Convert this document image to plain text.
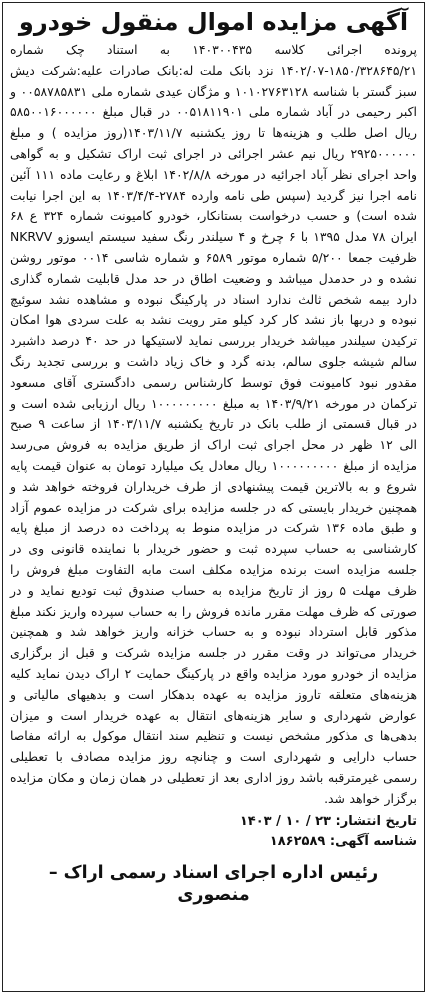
آگهی مزایده اموال منقول خودرو

پرونده اجرائی کلاسه ۱۴۰۳۰۰۴۳۵ به استناد چک شماره ۱۸۵۰/۳۲۸۶۴۵/۲۱-۱۴۰۲/۰۷ نزد بانک ملت له:بانک صادرات علیه:شرکت دیش سبز گستر با شناسه ۱۰۱۰۲۷۶۳۱۲۸ و مژگان عیدی شماره ملی ۰۰۵۸۷۸۵۸۳۱ و اکبر رحیمی در آباد شماره ملی ۰۰۵۱۸۱۱۹۰۱ در قبال مبلغ ۵۸۵۰۰۱۶۰۰۰۰۰۰ ریال اصل طلب و هزینه‌ها تا روز یکشنبه ۱۴۰۳/۱۱/۷(روز مزایده ) و مبلغ ۲۹۲۵۰۰۰۰۰۰ ریال نیم عشر اجرائی در اجرای ثبت اراک تشکیل و به گواهی واحد اجرای نظر آباد اجرائیه در مورخه ۱۴۰۲/۸/۸ ابلاغ و رعایت ماده ۱۱۱ آئین نامه اجرا نیز گردید (سپس طی نامه وارده ۲۷۸۴-۱۴۰۳/۴/۴ به این اجرا نیابت شده است) و حسب درخواست بستانکار، خودرو کامیونت شماره ۳۲۴ ع ۶۸ ایران ۷۸ مدل ۱۳۹۵ با ۶ چرخ و ۴ سیلندر رنگ سفید سیستم ایسوزو NKRVV ظرفیت جمعا ۵/۲۰۰ شماره موتور ۶۵۸۹ و شماره شاسی ۰۰۱۴ موتور روشن نشده و در حدمدل میباشد و وضعیت اطاق در حد مدل قابلیت شماره گذاری دارد بیمه شخص ثالث ندارد اسناد در پارکینگ نبوده و مشاهده نشد سوئیچ نبوده و دربها باز نشد کار کرد کیلو متر رویت نشد به علت سردی هوا امکان ترکیدن سیلندر میباشد خریدار بررسی نماید لاستیکها در حد ۴۰ درصد داشبرد سالم شیشه جلوی سالم، بدنه گرد و خاک زیاد داشت و بررسی تجدید رنگ مقدور نبود کامیونت فوق توسط کارشناس رسمی دادگستری آقای مسعود ترکمان در مورخه ۱۴۰۳/۹/۲۱ به مبلغ ۱۰۰۰۰۰۰۰۰۰ ریال ارزیابی شده است و در قبال قسمتی از طلب بانک در تاریخ یکشنبه ۱۴۰۳/۱۱/۷ از ساعت ۹ صبح الی ۱۲ ظهر در محل اجرای ثبت اراک از طریق مزایده به فروش می‌رسد مزایده از مبلغ ۱۰۰۰۰۰۰۰۰۰ ریال معادل یک میلیارد تومان به عنوان قیمت پایه شروع و به بالاترین قیمت پیشنهادی از طرف خریداران فروخته خواهد شد و همچنین خریدار بایستی که در جلسه مزایده برای شرکت در مزایده عموم آزاد و طبق ماده ۱۳۶ شرکت در مزایده منوط به پرداخت ده درصد از مبلغ پایه کارشناسی به حساب سپرده ثبت و حضور خریدار با نماینده قانونی وی در جلسه مزایده است برنده مزایده مکلف است مابه التفاوت مبلغ فروش را ظرف مهلت ۵ روز از تاریخ مزایده به حساب صندوق ثبت تودیع نماید و در صورتی که ظرف مهلت مقرر مانده فروش را به حساب سپرده واریز نکند مبلغ مذکور قابل استرداد نبوده و به حساب خزانه واریز خواهد شد و همچنین خریدار می‌تواند در وقت مقرر در جلسه مزایده شرکت و قبل از برگزاری مزایده از خودرو مورد مزایده واقع در پارکینگ حمایت ۲ اراک دیدن نماید کلیه هزینه‌های متعلقه تاروز مزایده به عهده بدهکار است و بدهیهای مالیاتی و عوارض شهرداری و سایر هزینه‌های انتقال به عهده خریدار است و میزان بدهی‌ها ی مذکور مشخص نیست و تنظیم سند انتقال موکول به ارائه مفاصا حساب دارایی و شهرداری است و چنانچه روز مزایده مصادف با تعطیلی رسمی غیرمترقبه باشد روز اداری بعد از تعطیلی در همان زمان و مکان مزایده برگزار خواهد شد.

تاریخ انتشار: ۲۳ / ۱۰ / ۱۴۰۳
شناسه آگهی: ۱۸۶۲۵۸۹
رئیس اداره اجرای اسناد رسمی اراک – منصوری
